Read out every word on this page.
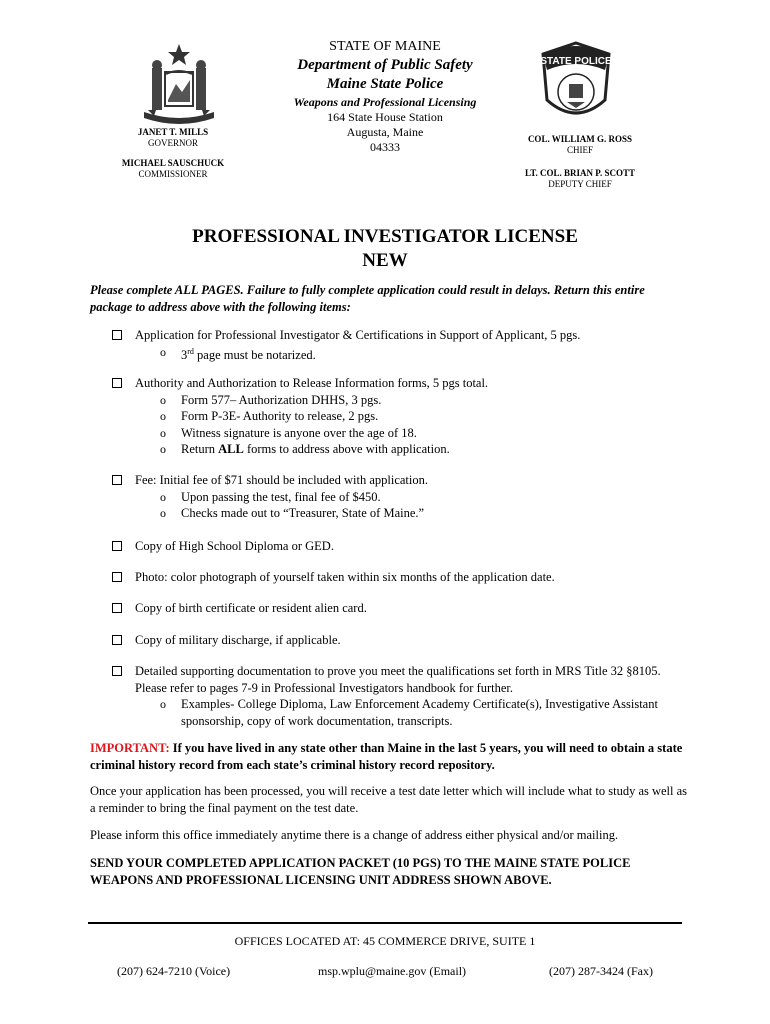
JANET T. MILLS
GOVERNOR
MICHAEL SAUSCHUCK
COMMISSIONER
STATE OF MAINE
Department of Public Safety
Maine State Police
Weapons and Professional Licensing
164 State House Station
Augusta, Maine
04333
STATE POLICE
COL. WILLIAM G. ROSS
CHIEF
LT. COL. BRIAN P. SCOTT
DEPUTY CHIEF
PROFESSIONAL INVESTIGATOR LICENSE
NEW
Please complete ALL PAGES. Failure to fully complete application could result in delays. Return this entire package to address above with the following items:
Application for Professional Investigator & Certifications in Support of Applicant, 5 pgs.
o 3rd page must be notarized.
Authority and Authorization to Release Information forms, 5 pgs total.
o Form 577– Authorization DHHS, 3 pgs.
o Form P-3E- Authority to release, 2 pgs.
o Witness signature is anyone over the age of 18.
o Return ALL forms to address above with application.
Fee: Initial fee of $71 should be included with application.
o Upon passing the test, final fee of $450.
o Checks made out to “Treasurer, State of Maine.”
Copy of High School Diploma or GED.
Photo: color photograph of yourself taken within six months of the application date.
Copy of birth certificate or resident alien card.
Copy of military discharge, if applicable.
Detailed supporting documentation to prove you meet the qualifications set forth in MRS Title 32 §8105. Please refer to pages 7-9 in Professional Investigators handbook for further.
o Examples- College Diploma, Law Enforcement Academy Certificate(s), Investigative Assistant sponsorship, copy of work documentation, transcripts.
IMPORTANT: If you have lived in any state other than Maine in the last 5 years, you will need to obtain a state criminal history record from each state’s criminal history record repository.
Once your application has been processed, you will receive a test date letter which will include what to study as well as a reminder to bring the final payment on the test date.
Please inform this office immediately anytime there is a change of address either physical and/or mailing.
SEND YOUR COMPLETED APPLICATION PACKET (10 PGS) TO THE MAINE STATE POLICE WEAPONS AND PROFESSIONAL LICENSING UNIT ADDRESS SHOWN ABOVE.
OFFICES LOCATED AT: 45 COMMERCE DRIVE, SUITE 1
(207) 624-7210 (Voice)	msp.wplu@maine.gov (Email)	(207) 287-3424 (Fax)
